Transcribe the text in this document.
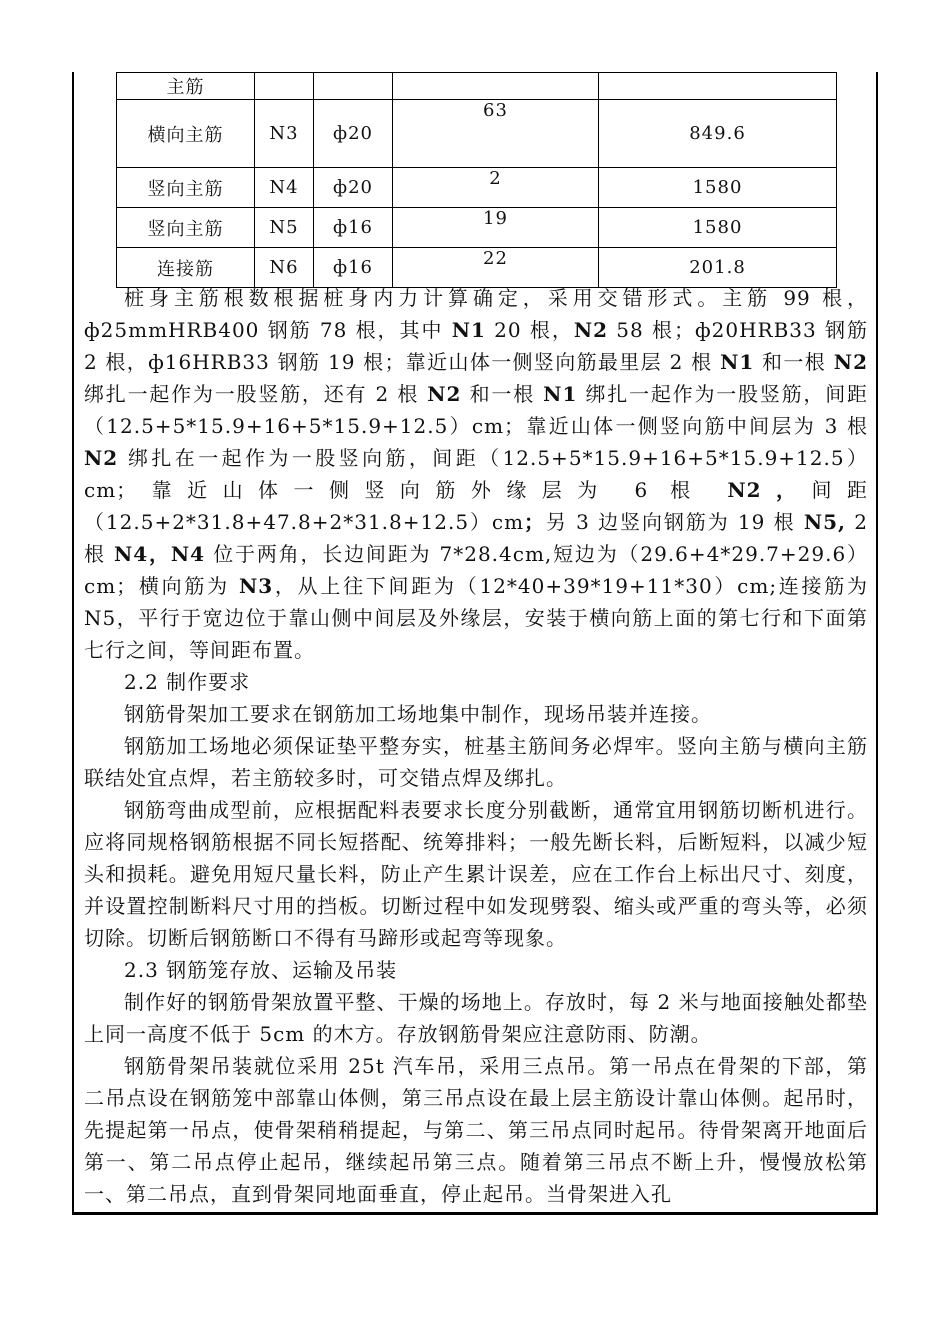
主筋				
横向主筋	N3	ф20	63	849.6
竖向主筋	N4	ф20	2	1580
竖向主筋	N5	ф16	19	1580
连接筋	N6	ф16	22	201.8

桩身主筋根数根据桩身内力计算确定，采用交错形式。主筋 99 根，ф25mmHRB400 钢筋 78 根，其中 N1 20 根，N2 58 根；ф20HRB33 钢筋 2 根，ф16HRB33 钢筋 19 根；靠近山体一侧竖向筋最里层 2 根 N1 和一根 N2 绑扎一起作为一股竖筋，还有 2 根 N2 和一根 N1 绑扎一起作为一股竖筋，间距（12.5+5*15.9+16+5*15.9+12.5）cm；靠近山体一侧竖向筋中间层为 3 根 N2 绑扎在一起作为一股竖向筋，间距（12.5+5*15.9+16+5*15.9+12.5）cm；靠近山体一侧竖向筋外缘层为 6 根 N2，间距（12.5+2*31.8+47.8+2*31.8+12.5）cm；另 3 边竖向钢筋为 19 根 N5, 2 根 N4，N4 位于两角，长边间距为 7*28.4cm,短边为（29.6+4*29.7+29.6）cm；横向筋为 N3，从上往下间距为（12*40+39*19+11*30）cm;连接筋为 N5，平行于宽边位于靠山侧中间层及外缘层，安装于横向筋上面的第七行和下面第七行之间，等间距布置。

2.2 制作要求

钢筋骨架加工要求在钢筋加工场地集中制作，现场吊装并连接。

钢筋加工场地必须保证垫平整夯实，桩基主筋间务必焊牢。竖向主筋与横向主筋联结处宜点焊，若主筋较多时，可交错点焊及绑扎。

钢筋弯曲成型前，应根据配料表要求长度分别截断，通常宜用钢筋切断机进行。应将同规格钢筋根据不同长短搭配、统筹排料；一般先断长料，后断短料，以减少短头和损耗。避免用短尺量长料，防止产生累计误差，应在工作台上标出尺寸、刻度，并设置控制断料尺寸用的挡板。切断过程中如发现劈裂、缩头或严重的弯头等，必须切除。切断后钢筋断口不得有马蹄形或起弯等现象。

2.3 钢筋笼存放、运输及吊装

制作好的钢筋骨架放置平整、干燥的场地上。存放时，每 2 米与地面接触处都垫上同一高度不低于 5cm 的木方。存放钢筋骨架应注意防雨、防潮。

钢筋骨架吊装就位采用 25t 汽车吊，采用三点吊。第一吊点在骨架的下部，第二吊点设在钢筋笼中部靠山体侧，第三吊点设在最上层主筋设计靠山体侧。起吊时，先提起第一吊点，使骨架稍稍提起，与第二、第三吊点同时起吊。待骨架离开地面后第一、第二吊点停止起吊，继续起吊第三点。随着第三吊点不断上升，慢慢放松第一、第二吊点，直到骨架同地面垂直，停止起吊。当骨架进入孔
